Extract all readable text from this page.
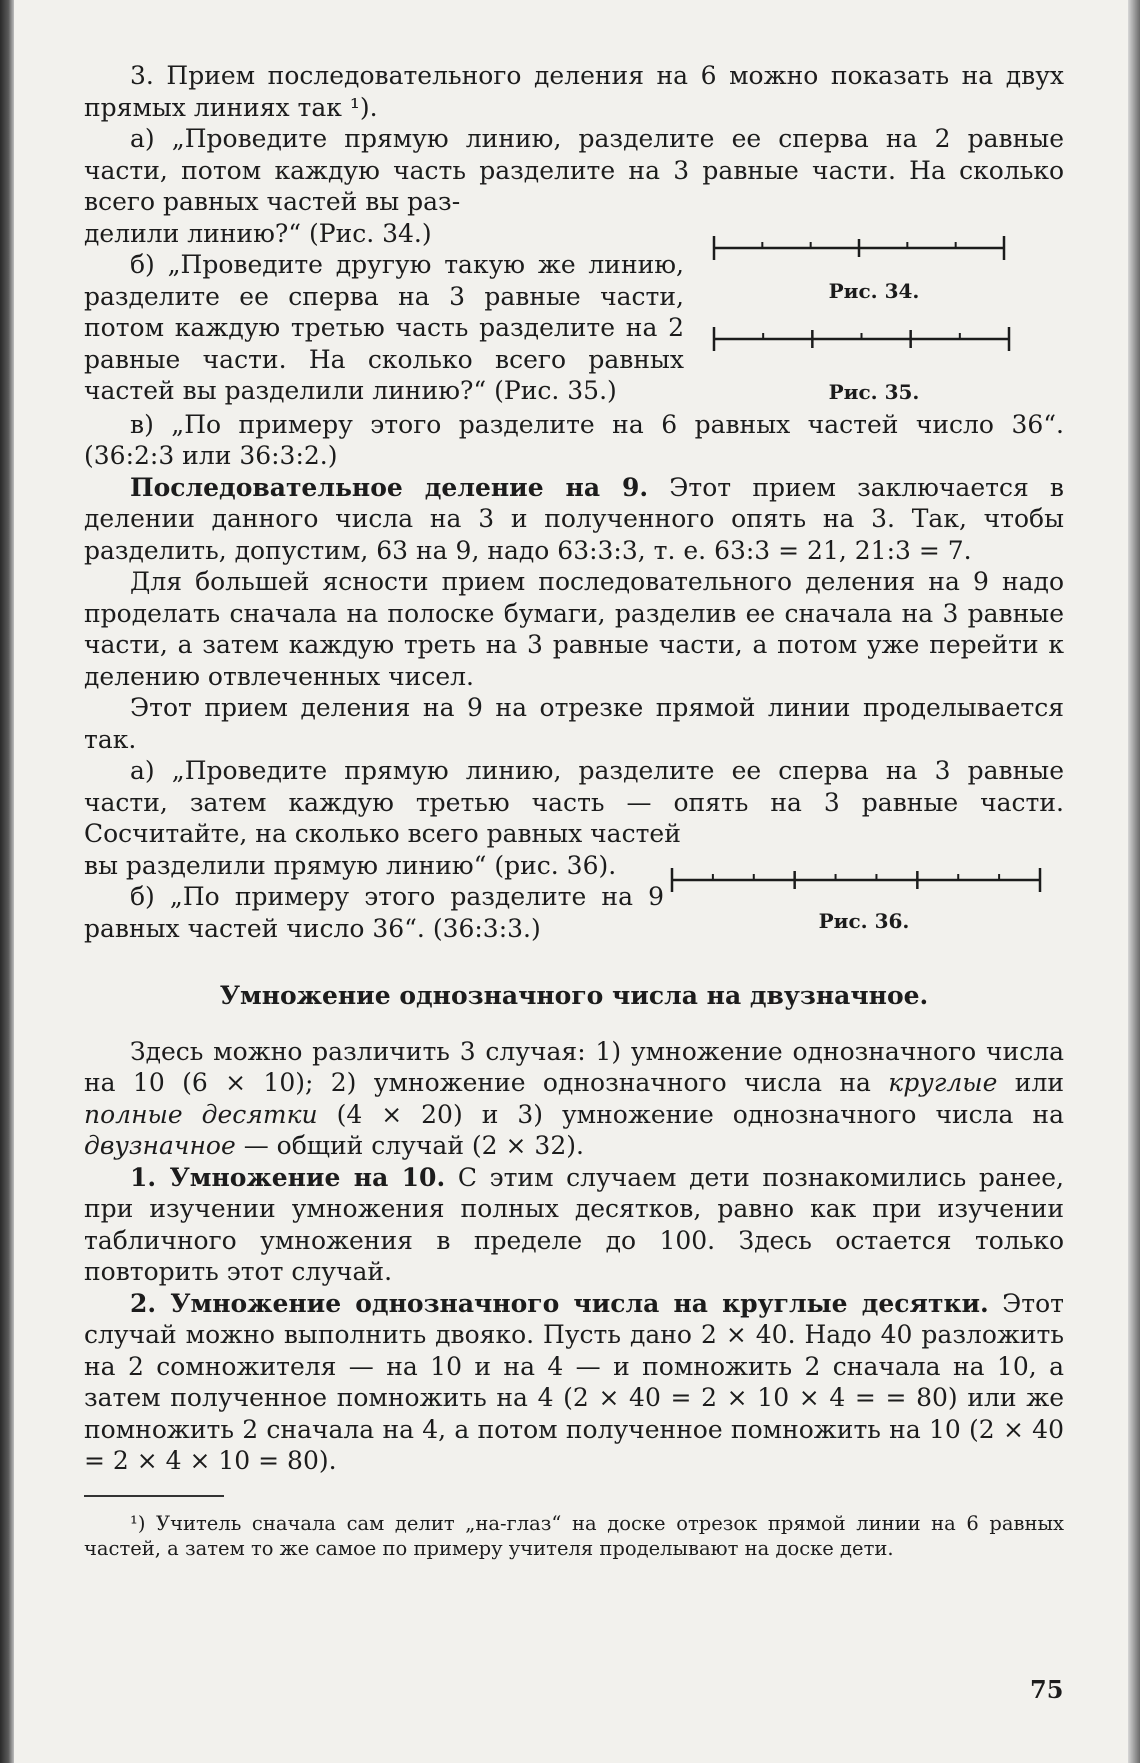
3. Прием последовательного деления на 6 можно показать на двух прямых линиях так ¹).

а) „Проведите прямую линию, разделите ее сперва на 2 равные части, потом каждую часть разделите на 3 равные части. На сколько всего равных частей вы раз-

делили линию?“ (Рис. 34.)

б) „Проведите другую такую же линию, разделите ее сперва на 3 равные части, потом каждую третью часть разделите на 2 равные части. На сколько всего равных частей вы разделили линию?“ (Рис. 35.)

Рис. 34.
Рис. 35.

в) „По примеру этого разделите на 6 равных частей число 36“. (36:2:3 или 36:3:2.)

Последовательное деление на 9. Этот прием заключается в делении данного числа на 3 и полученного опять на 3. Так, чтобы разделить, допустим, 63 на 9, надо 63:3:3, т. е. 63:3 = 21, 21:3 = 7.

Для большей ясности прием последовательного деления на 9 надо проделать сначала на полоске бумаги, разделив ее сначала на 3 равные части, а затем каждую треть на 3 равные части, а потом уже перейти к делению отвлеченных чисел.

Этот прием деления на 9 на отрезке прямой линии проделывается так.

а) „Проведите прямую линию, разделите ее сперва на 3 равные части, затем каждую третью часть — опять на 3 равные части. Сосчитайте, на сколько всего равных частей

вы разделили прямую линию“ (рис. 36).

б) „По примеру этого разделите на 9 равных частей число 36“. (36:3:3.)	Рис. 36.
Умножение однозначного числа на двузначное.

Здесь можно различить 3 случая: 1) умножение однозначного числа на 10 (6 × 10); 2) умножение однозначного числа на круглые или полные десятки (4 × 20) и 3) умножение однозначного числа на двузначное — общий случай (2 × 32).

1. Умножение на 10. С этим случаем дети познакомились ранее, при изучении умножения полных десятков, равно как при изучении табличного умножения в пределе до 100. Здесь остается только повторить этот случай.

2. Умножение однозначного числа на круглые десятки. Этот случай можно выполнить двояко. Пусть дано 2 × 40. Надо 40 разложить на 2 сомножителя — на 10 и на 4 — и помножить 2 сначала на 10, а затем полученное помножить на 4 (2 × 40 = 2 × 10 × 4 = = 80) или же помножить 2 сначала на 4, а потом полученное помножить на 10 (2 × 40 = 2 × 4 × 10 = 80).

¹) Учитель сначала сам делит „на-глаз“ на доске отрезок прямой линии на 6 равных частей, а затем то же самое по примеру учителя проделывают на доске дети.
75
